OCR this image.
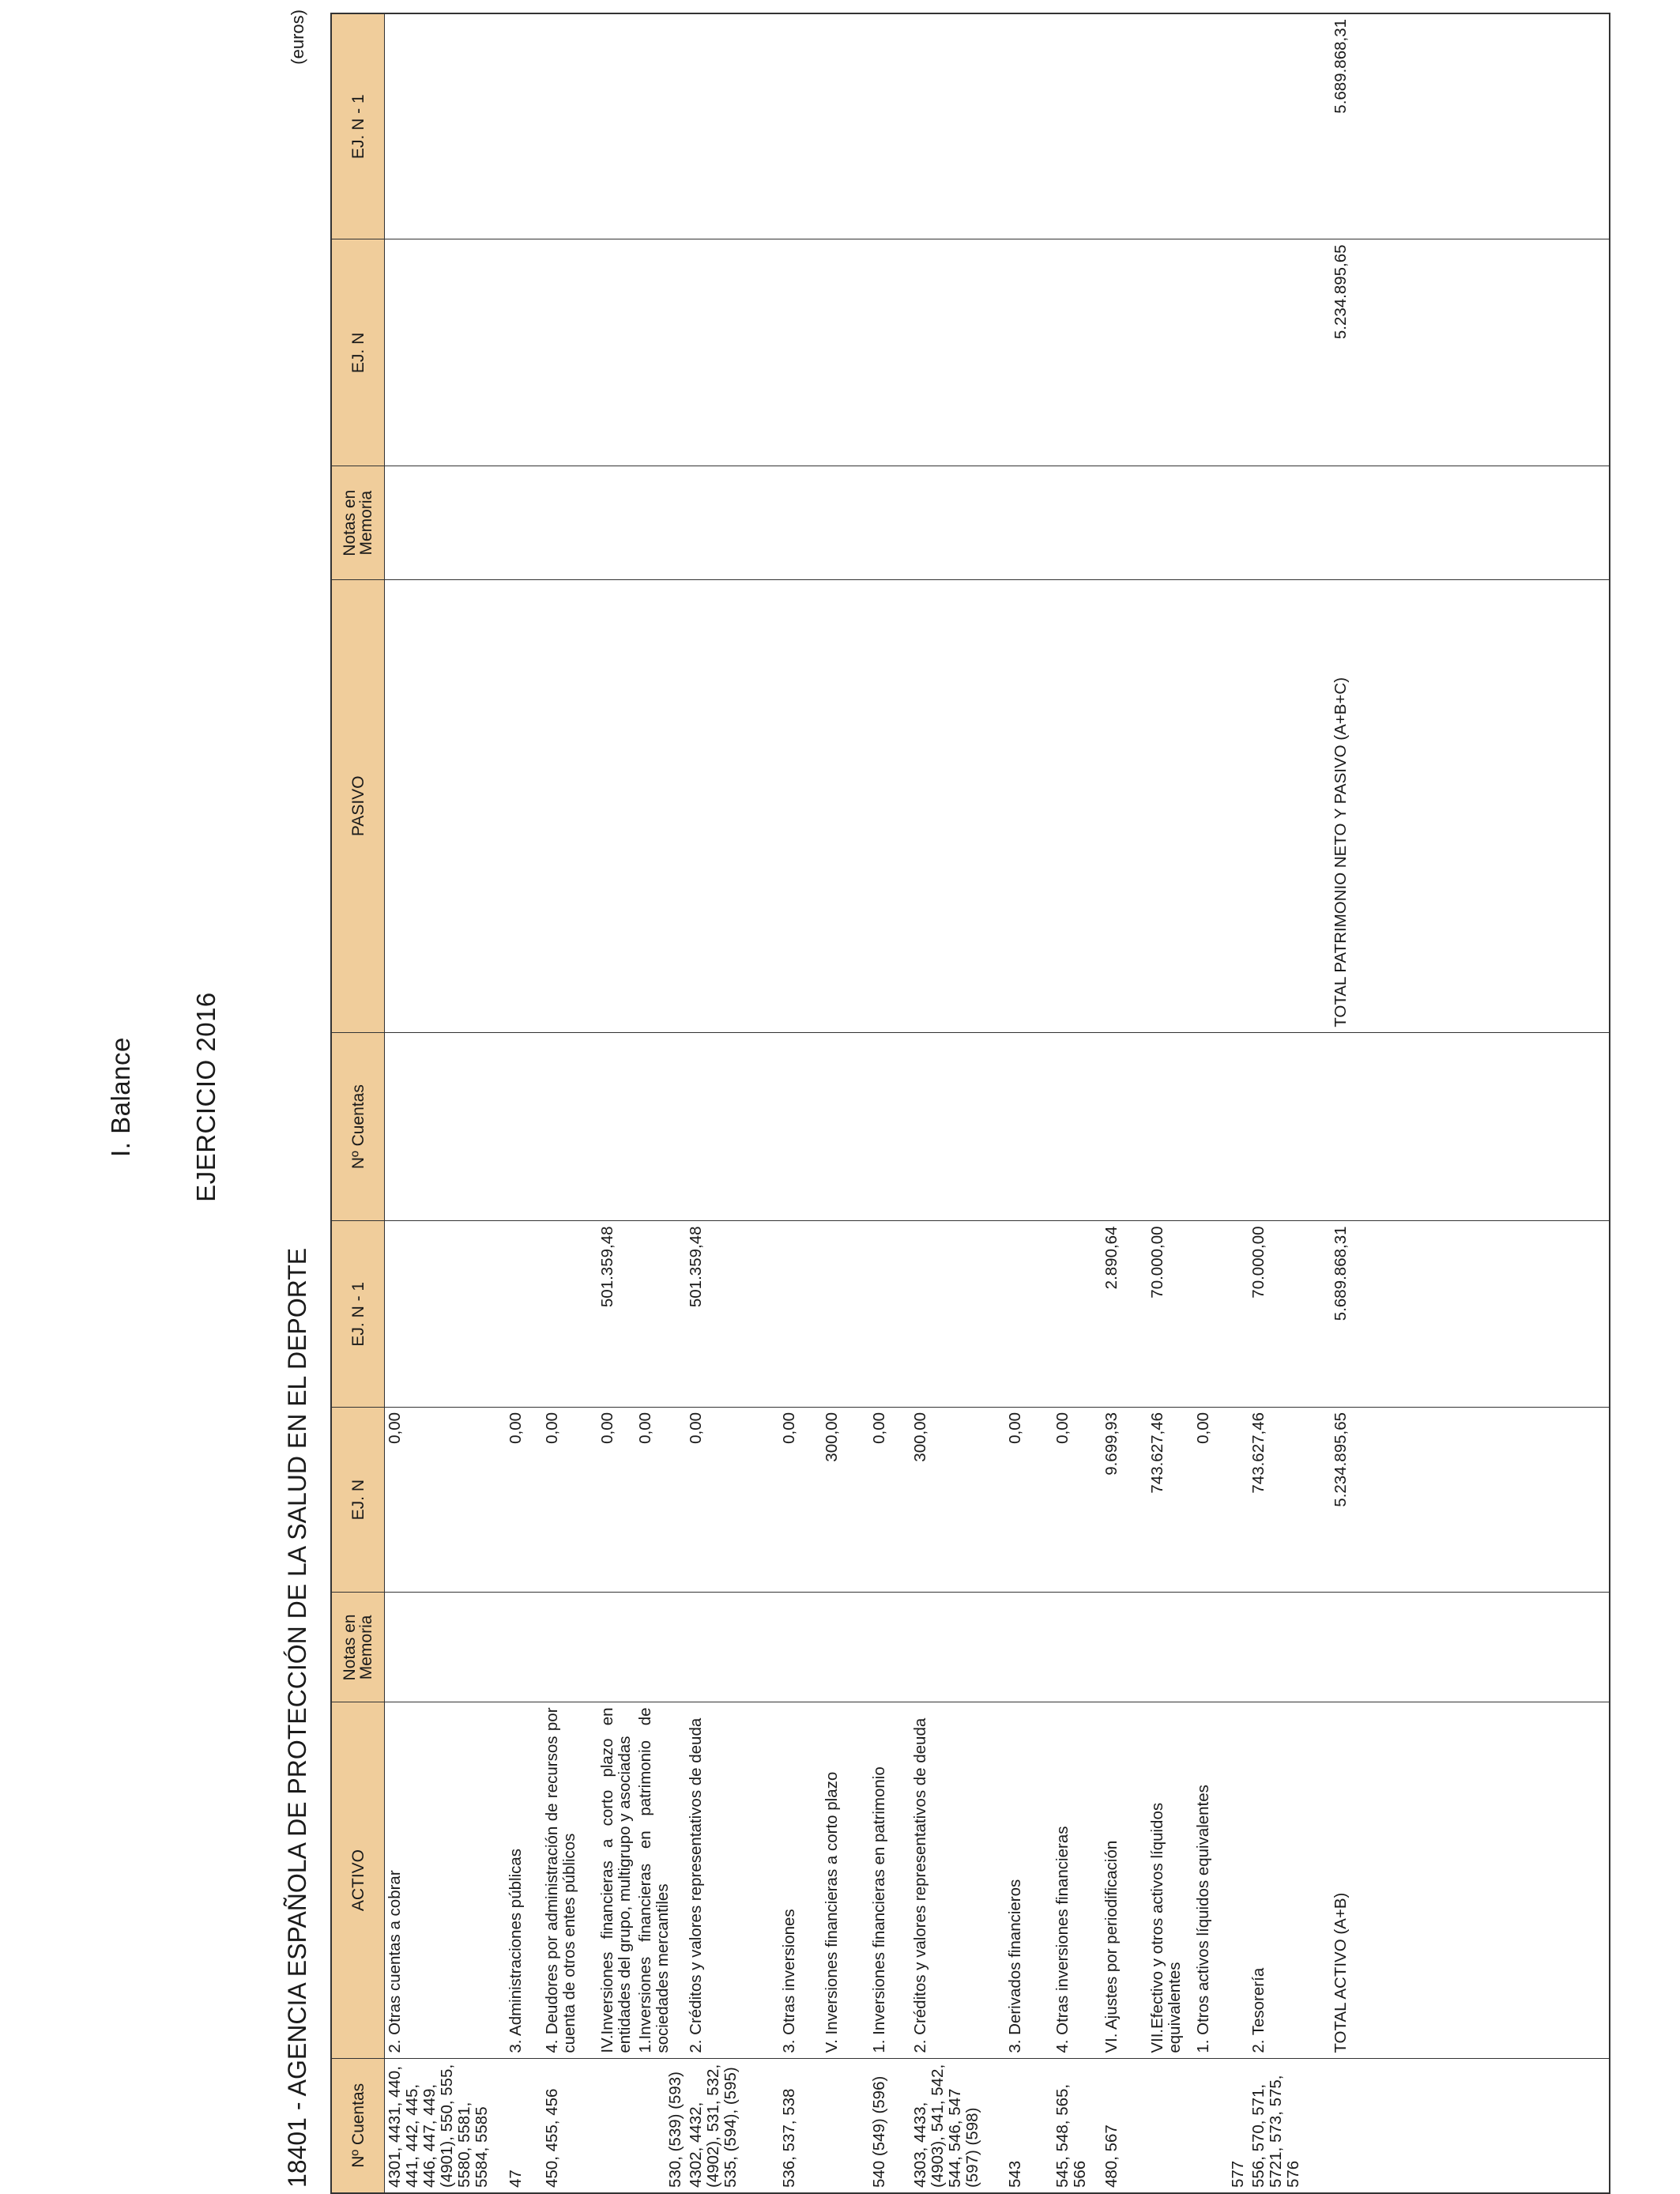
I. Balance EJERCICIO 2016
18401 - AGENCIA ESPAÑOLA DE PROTECCIÓN DE LA SALUD EN EL DEPORTE
(euros)
Nº Cuentas	ACTIVO	Notas en Memoria	EJ. N	EJ. N - 1	Nº Cuentas	PASIVO	Notas en Memoria	EJ. N	EJ. N - 1
4301, 4431, 440, 441, 442, 445, 446, 447, 449, (4901), 550, 555, 5580, 5581, 5584, 5585	2. Otras cuentas a cobrar		0,00						
47	3. Administraciones públicas		0,00						
450, 455, 456	4. Deudores por administración de recursos por cuenta de otros entes públicos		0,00						
	IV.Inversiones financieras a corto plazo en entidades del grupo, multigrupo y asociadas		0,00	501.359,48					
530, (539) (593)	1.Inversiones financieras en patrimonio de sociedades mercantiles		0,00						
4302, 4432, (4902), 531, 532, 535, (594), (595)	2. Créditos y valores representativos de deuda		0,00	501.359,48					
536, 537, 538	3. Otras inversiones		0,00						
	V. Inversiones financieras a corto plazo		300,00						
540 (549) (596)	1. Inversiones financieras en patrimonio		0,00						
4303, 4433, (4903), 541, 542, 544, 546, 547 (597) (598)	2. Créditos y valores representativos de deuda		300,00						
543	3. Derivados financieros		0,00						
545, 548, 565, 566	4. Otras inversiones financieras		0,00						
480, 567	VI. Ajustes por periodificación		9.699,93	2.890,64					
	VII.Efectivo y otros activos líquidos equivalentes		743.627,46	70.000,00					
577	1. Otros activos líquidos equivalentes		0,00						
556, 570, 571, 5721, 573, 575, 576	2. Tesorería		743.627,46	70.000,00					
	TOTAL ACTIVO (A+B)		5.234.895,65	5.689.868,31		TOTAL PATRIMONIO NETO Y PASIVO (A+B+C)		5.234.895,65	5.689.868,31
